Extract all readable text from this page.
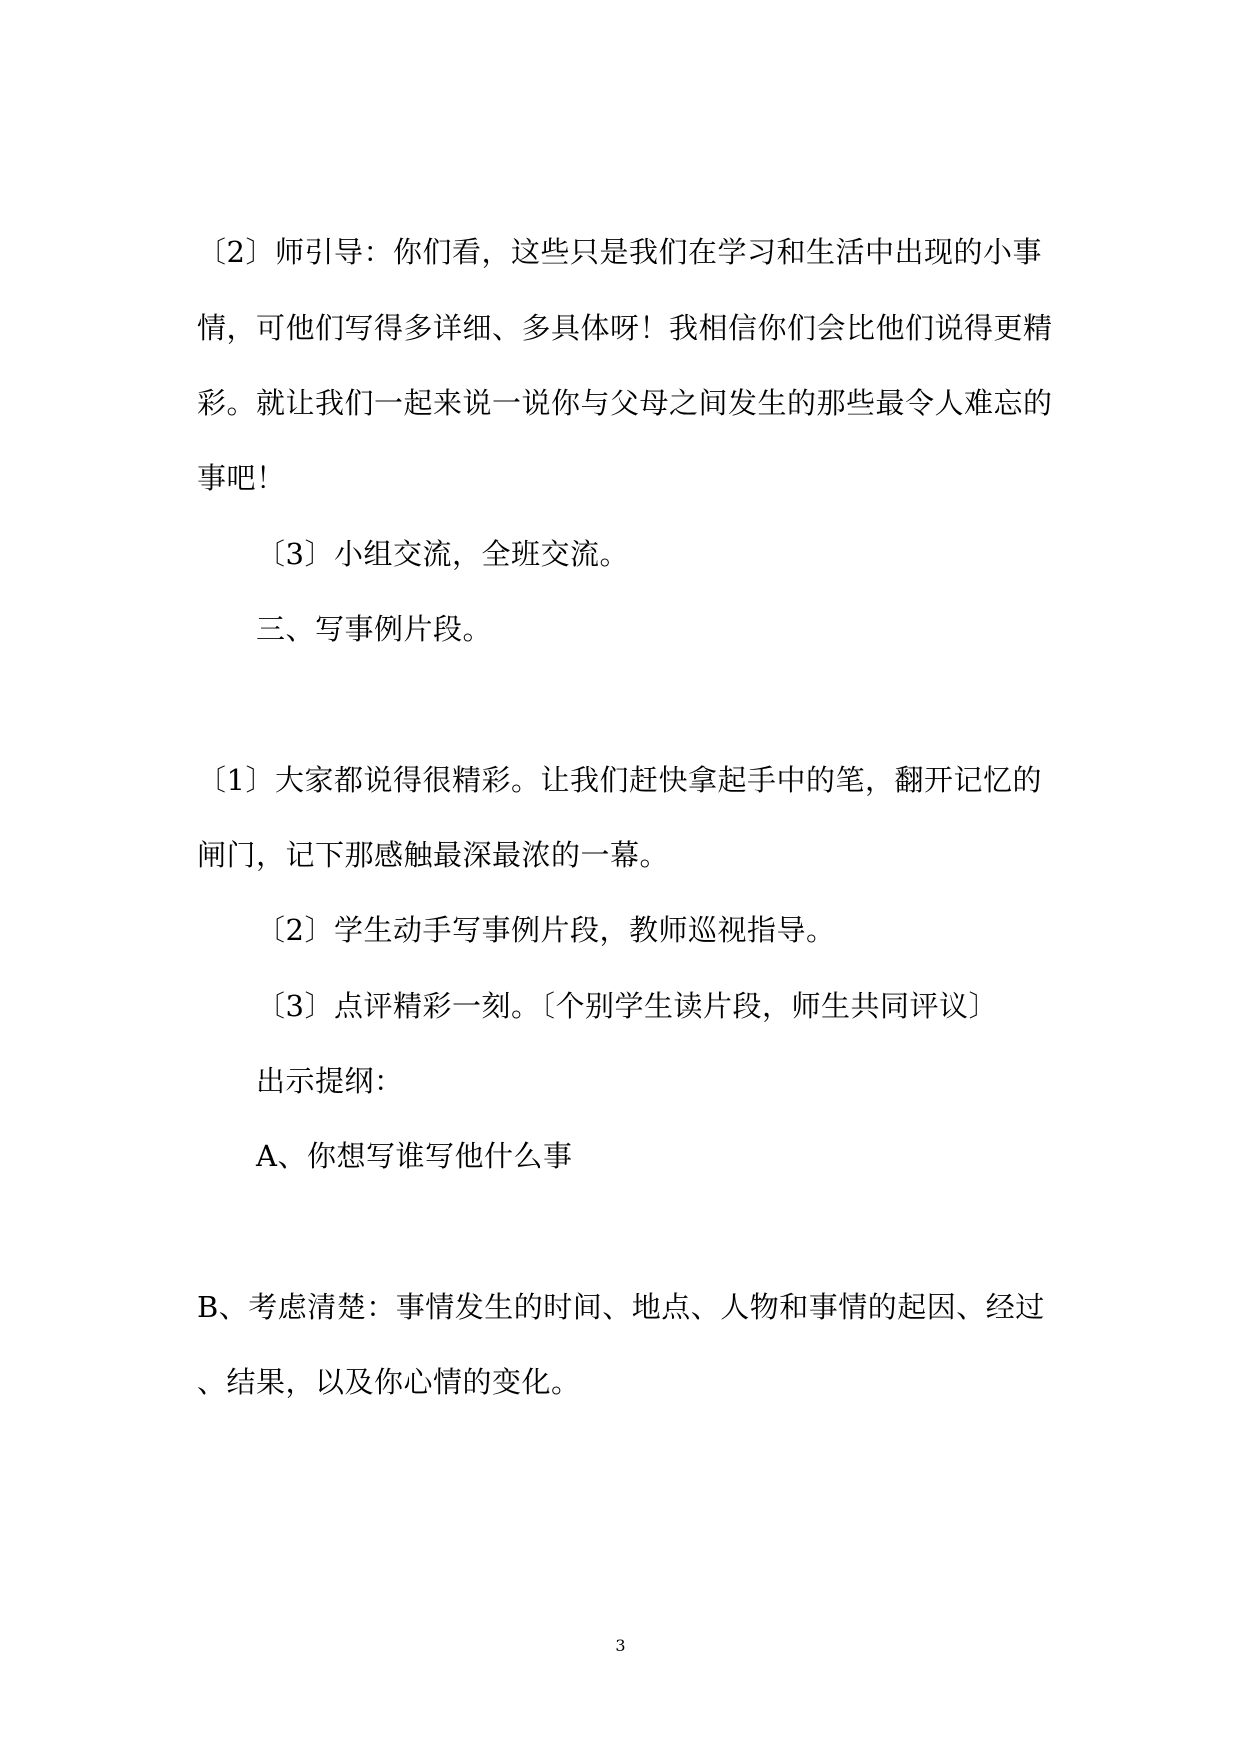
〔2〕师引导：你们看，这些只是我们在学习和生活中出现的小事
情，可他们写得多详细、多具体呀！我相信你们会比他们说得更精
彩。就让我们一起来说一说你与父母之间发生的那些最令人难忘的
事吧！
〔3〕小组交流，全班交流。
三、写事例片段。
〔1〕大家都说得很精彩。让我们赶快拿起手中的笔，翻开记忆的
闸门，记下那感触最深最浓的一幕。
〔2〕学生动手写事例片段，教师巡视指导。
〔3〕点评精彩一刻。〔个别学生读片段，师生共同评议〕
出示提纲：
A、你想写谁写他什么事
B、考虑清楚：事情发生的时间、地点、人物和事情的起因、经过
、结果，以及你心情的变化。
3
